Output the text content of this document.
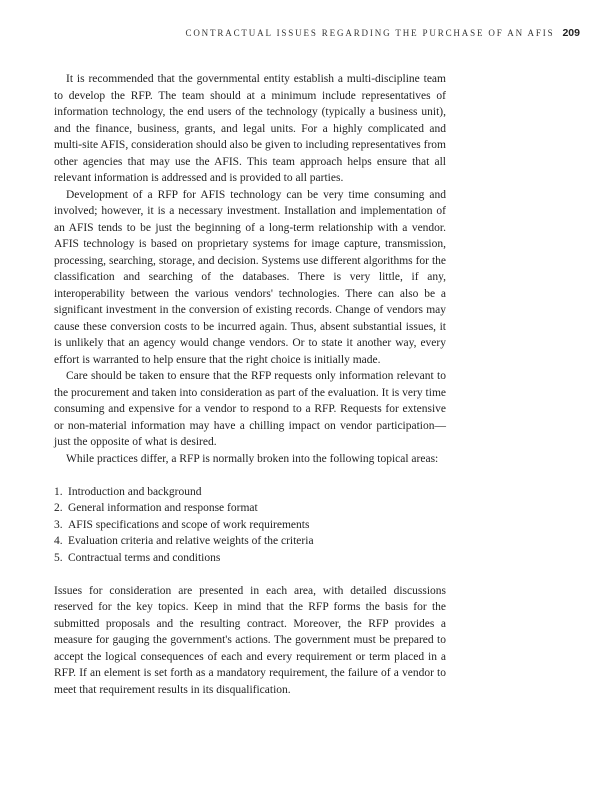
CONTRACTUAL ISSUES REGARDING THE PURCHASE OF AN AFIS 209

It is recommended that the governmental entity establish a multi-discipline team to develop the RFP. The team should at a minimum include representatives of information technology, the end users of the technology (typically a business unit), and the finance, business, grants, and legal units. For a highly complicated and multi-site AFIS, consideration should also be given to including representatives from other agencies that may use the AFIS. This team approach helps ensure that all relevant information is addressed and is provided to all parties.

Development of a RFP for AFIS technology can be very time consuming and involved; however, it is a necessary investment. Installation and implementation of an AFIS tends to be just the beginning of a long-term relationship with a vendor. AFIS technology is based on proprietary systems for image capture, transmission, processing, searching, storage, and decision. Systems use different algorithms for the classification and searching of the databases. There is very little, if any, interoperability between the various vendors' technologies. There can also be a significant investment in the conversion of existing records. Change of vendors may cause these conversion costs to be incurred again. Thus, absent substantial issues, it is unlikely that an agency would change vendors. Or to state it another way, every effort is warranted to help ensure that the right choice is initially made.

Care should be taken to ensure that the RFP requests only information relevant to the procurement and taken into consideration as part of the evaluation. It is very time consuming and expensive for a vendor to respond to a RFP. Requests for extensive or non-material information may have a chilling impact on vendor participation—just the opposite of what is desired.

While practices differ, a RFP is normally broken into the following topical areas:

1. Introduction and background
2. General information and response format
3. AFIS specifications and scope of work requirements
4. Evaluation criteria and relative weights of the criteria
5. Contractual terms and conditions

Issues for consideration are presented in each area, with detailed discussions reserved for the key topics. Keep in mind that the RFP forms the basis for the submitted proposals and the resulting contract. Moreover, the RFP provides a measure for gauging the government's actions. The government must be prepared to accept the logical consequences of each and every requirement or term placed in a RFP. If an element is set forth as a mandatory requirement, the failure of a vendor to meet that requirement results in its disqualification.
